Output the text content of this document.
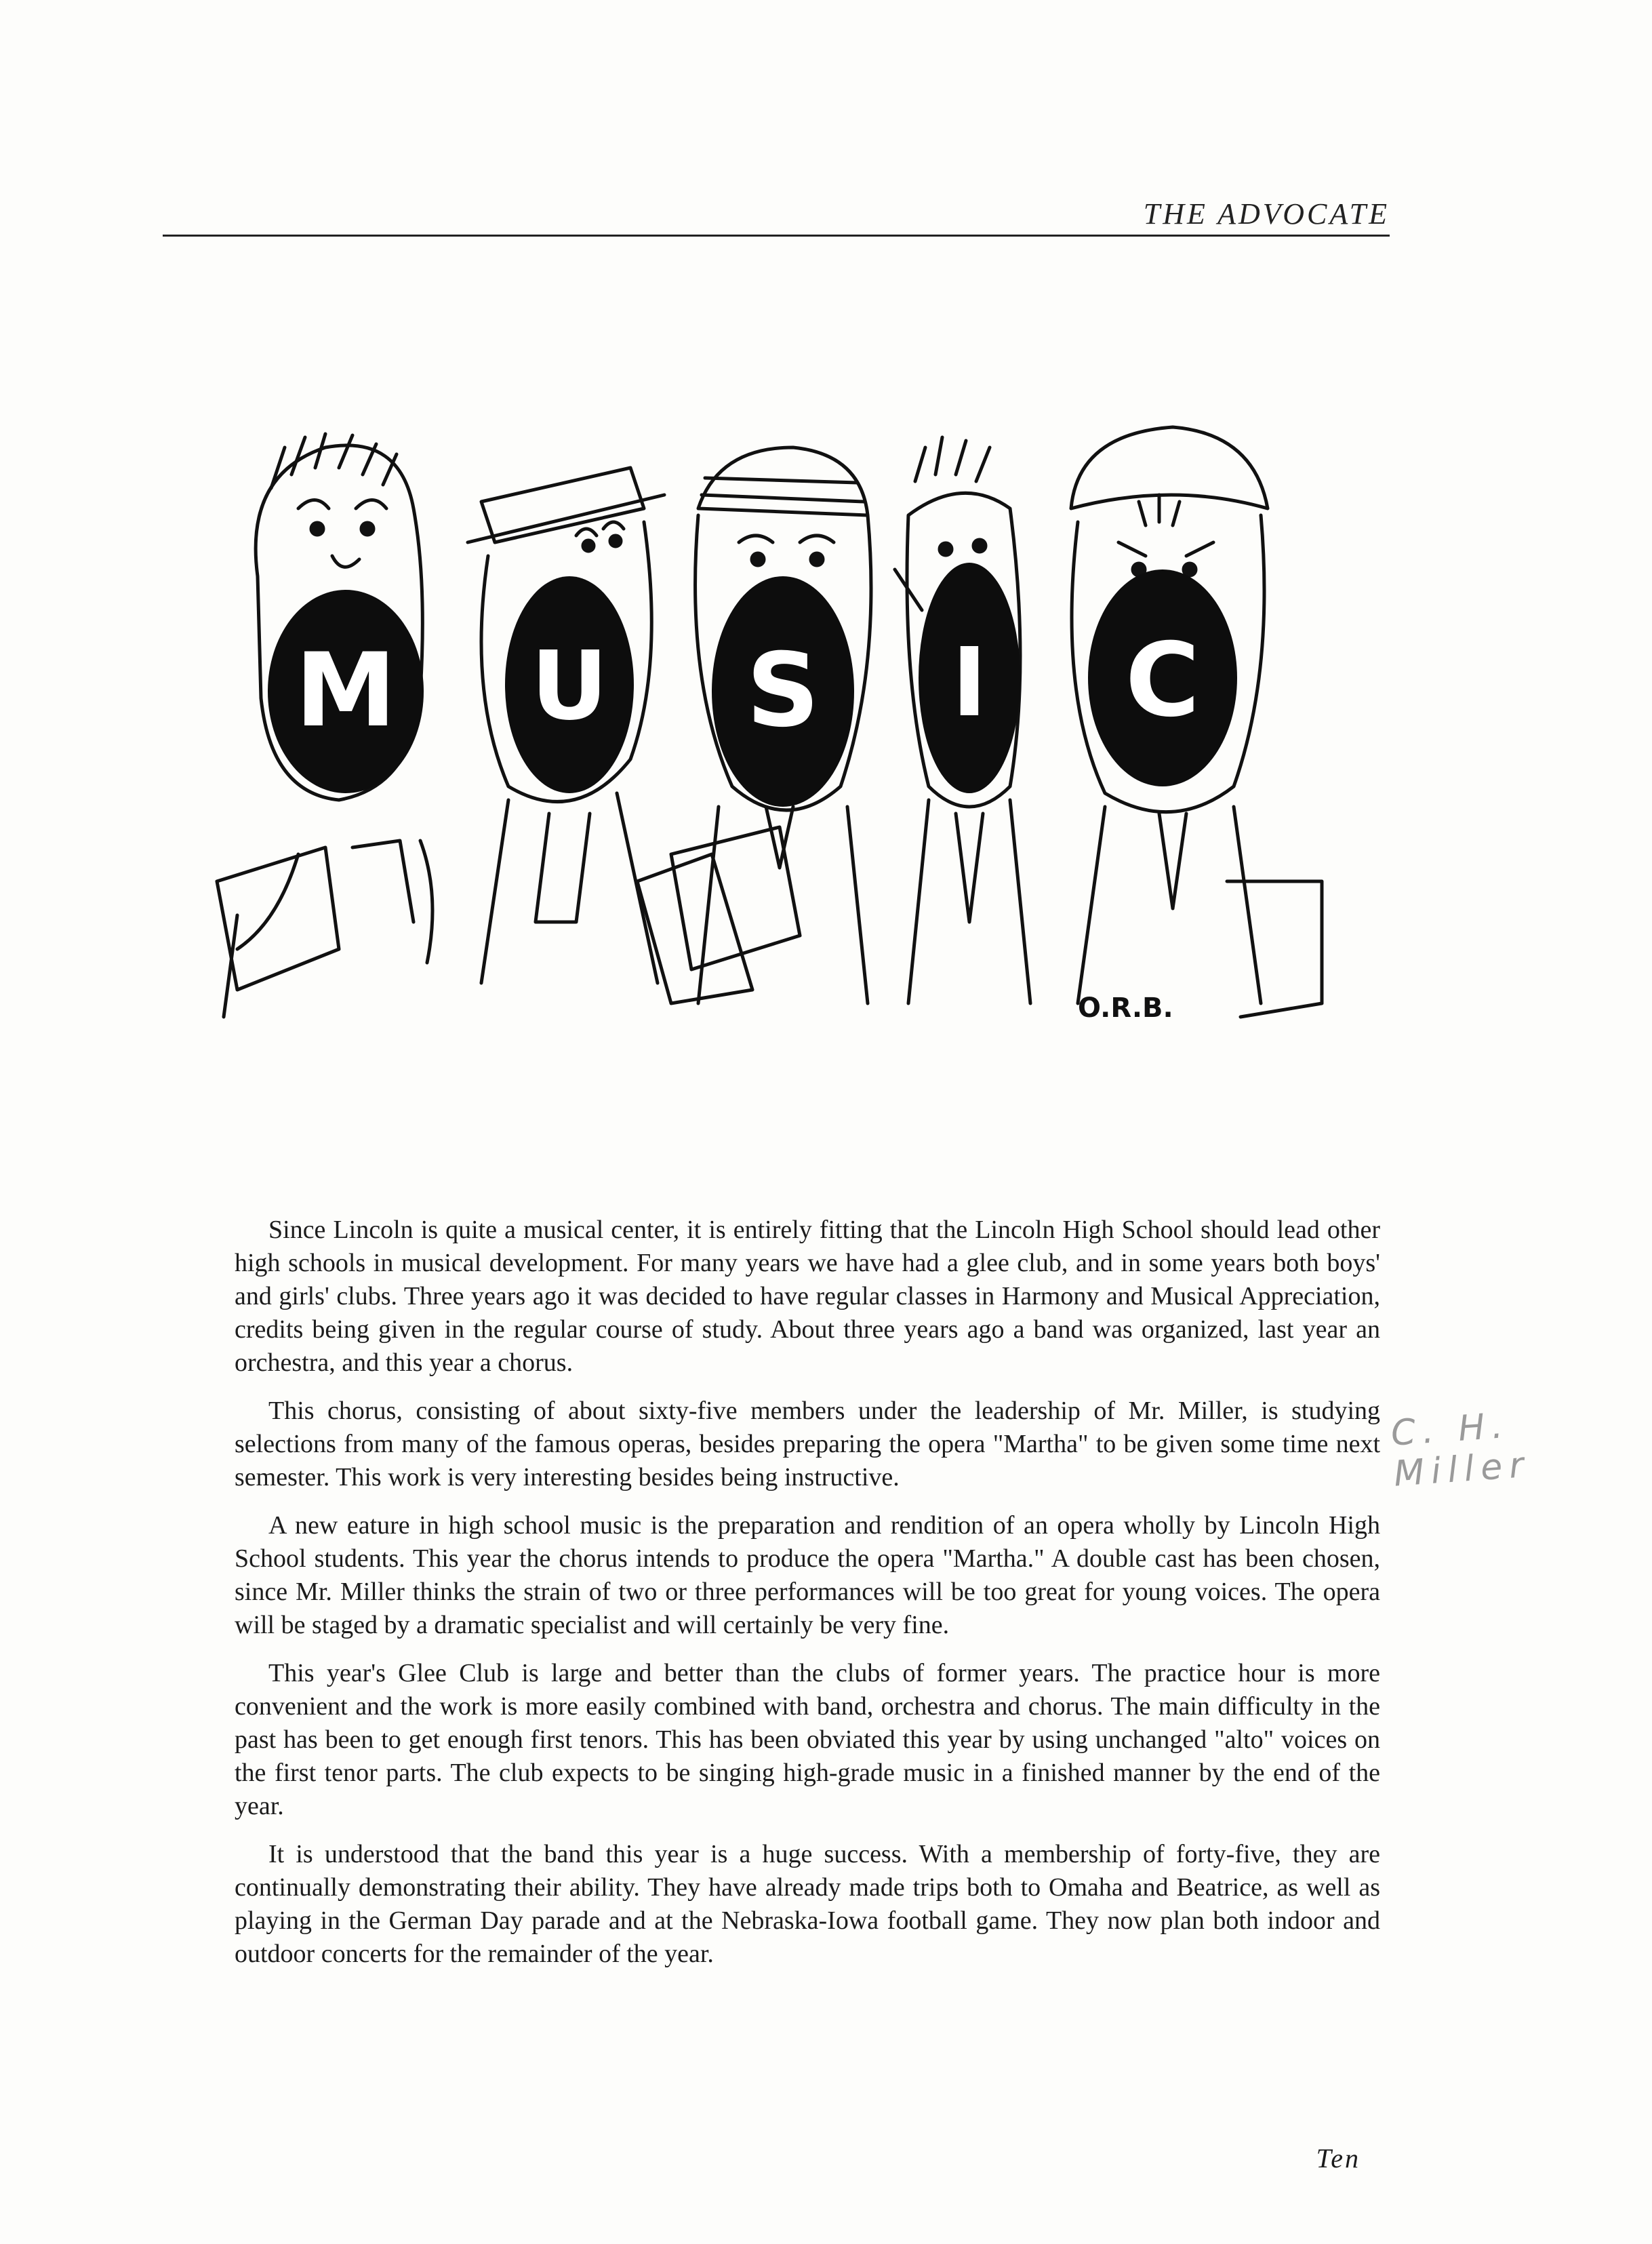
THE ADVOCATE
M U S I C
O.R.B.

Since Lincoln is quite a musical center, it is entirely fitting that the Lincoln High School should lead other high schools in musical development. For many years we have had a glee club, and in some years both boys' and girls' clubs. Three years ago it was decided to have regular classes in Harmony and Musical Appreciation, credits being given in the regular course of study. About three years ago a band was organized, last year an orchestra, and this year a chorus.

This chorus, consisting of about sixty-five members under the leadership of Mr. Miller, is studying selections from many of the famous operas, besides preparing the opera "Martha" to be given some time next semester. This work is very interesting besides being instructive.

A new eature in high school music is the preparation and rendition of an opera wholly by Lincoln High School students. This year the chorus intends to produce the opera "Martha." A double cast has been chosen, since Mr. Miller thinks the strain of two or three performances will be too great for young voices. The opera will be staged by a dramatic specialist and will certainly be very fine.

This year's Glee Club is large and better than the clubs of former years. The practice hour is more convenient and the work is more easily combined with band, orchestra and chorus. The main difficulty in the past has been to get enough first tenors. This has been obviated this year by using unchanged "alto" voices on the first tenor parts. The club expects to be singing high-grade music in a finished manner by the end of the year.

It is understood that the band this year is a huge success. With a membership of forty-five, they are continually demonstrating their ability. They have already made trips both to Omaha and Beatrice, as well as playing in the German Day parade and at the Nebraska-Iowa football game. They now plan both indoor and outdoor concerts for the remainder of the year.

C. H. Miller
Ten
